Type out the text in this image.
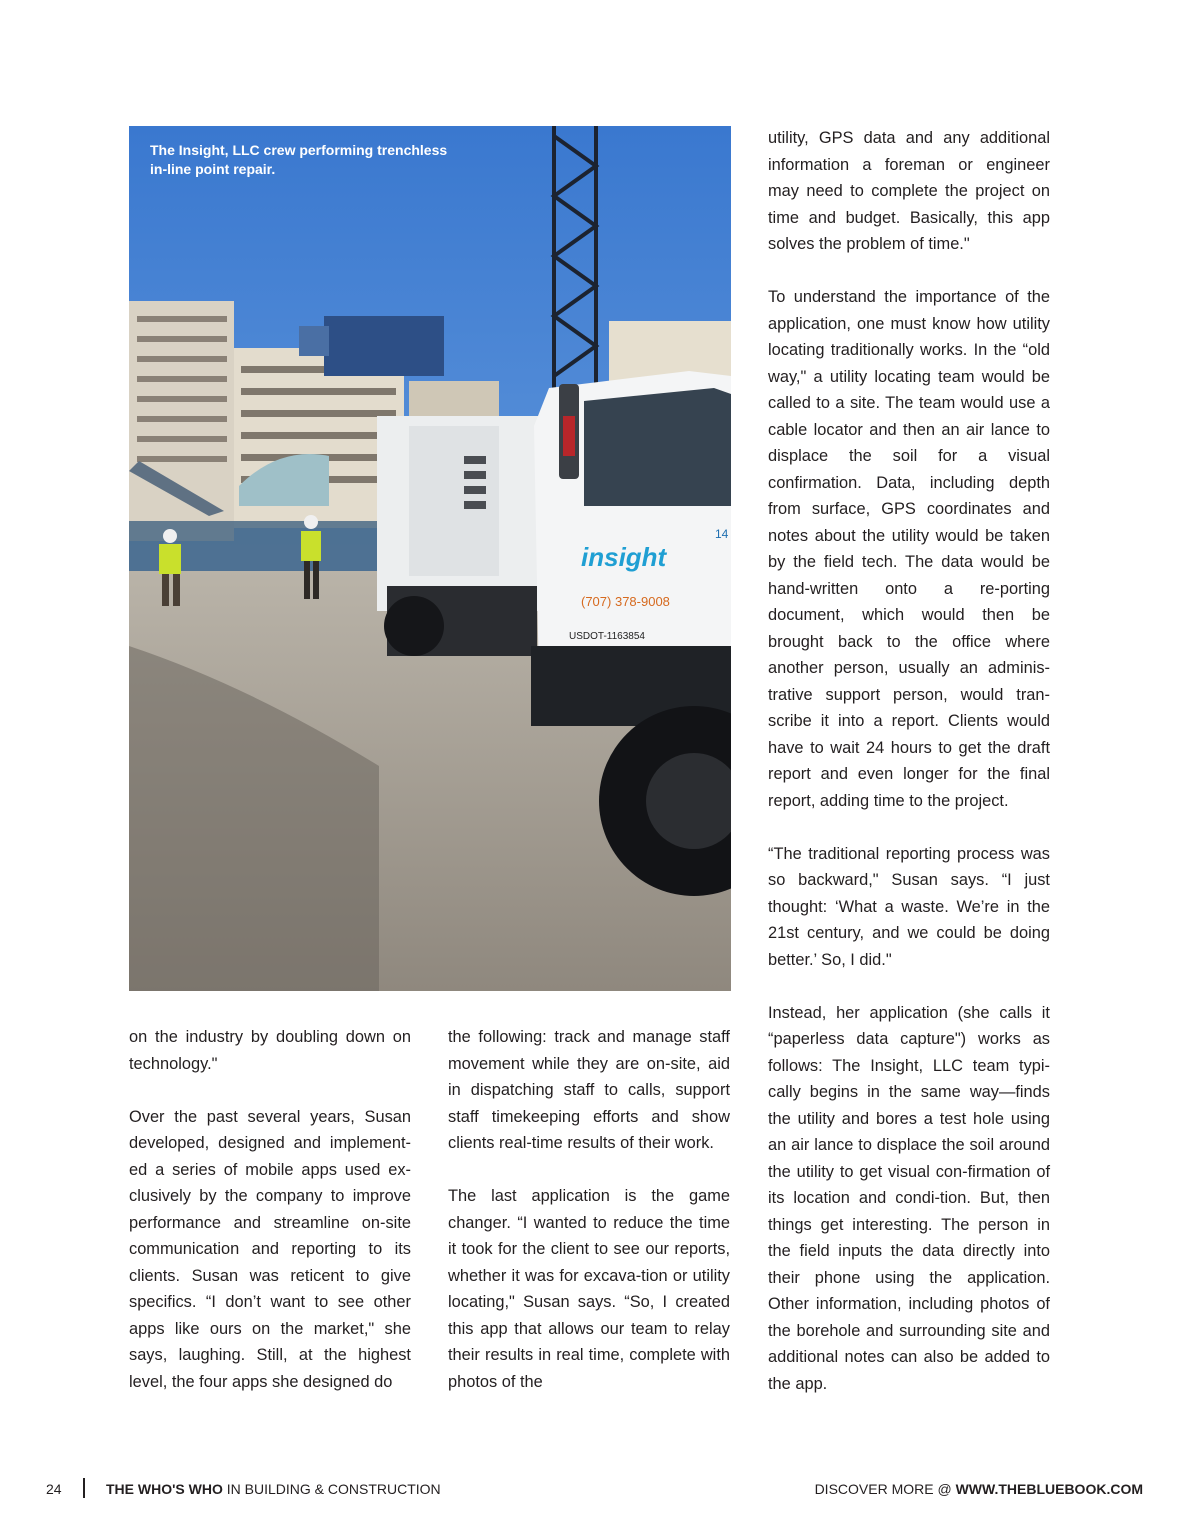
insight
(707) 378-9008
USDOT-1163854
14
The Insight, LLC crew performing trenchless in-line point repair.

on the industry by doubling down on technology."

Over the past several years, Susan developed, designed and implement-ed a series of mobile apps used ex-clusively by the company to improve performance and streamline on-site communication and reporting to its clients. Susan was reticent to give specifics. “I don’t want to see other apps like ours on the market," she says, laughing. Still, at the highest level, the four apps she designed do

the following: track and manage staff movement while they are on-site, aid in dispatching staff to calls, support staff timekeeping efforts and show clients real-time results of their work.

The last application is the game changer. “I wanted to reduce the time it took for the client to see our reports, whether it was for excava-tion or utility locating," Susan says. “So, I created this app that allows our team to relay their results in real time, complete with photos of the

utility, GPS data and any additional information a foreman or engineer may need to complete the project on time and budget. Basically, this app solves the problem of time."

To understand the importance of the application, one must know how utility locating traditionally works. In the “old way," a utility locating team would be called to a site. The team would use a cable locator and then an air lance to displace the soil for a visual confirmation. Data, including depth from surface, GPS coordinates and notes about the utility would be taken by the field tech. The data would be hand-written onto a re-porting document, which would then be brought back to the office where another person, usually an adminis-trative support person, would tran-scribe it into a report. Clients would have to wait 24 hours to get the draft report and even longer for the final report, adding time to the project.

“The traditional reporting process was so backward," Susan says. “I just thought: ‘What a waste. We’re in the 21st century, and we could be doing better.’ So, I did."

Instead, her application (she calls it “paperless data capture") works as follows: The Insight, LLC team typi-cally begins in the same way—finds the utility and bores a test hole using an air lance to displace the soil around the utility to get visual con-firmation of its location and condi-tion. But, then things get interesting. The person in the field inputs the data directly into their phone using the application. Other information, including photos of the borehole and surrounding site and additional notes can also be added to the app.

24	THE WHO'S WHO IN BUILDING & CONSTRUCTION	DISCOVER MORE @ WWW.THEBLUEBOOK.COM
